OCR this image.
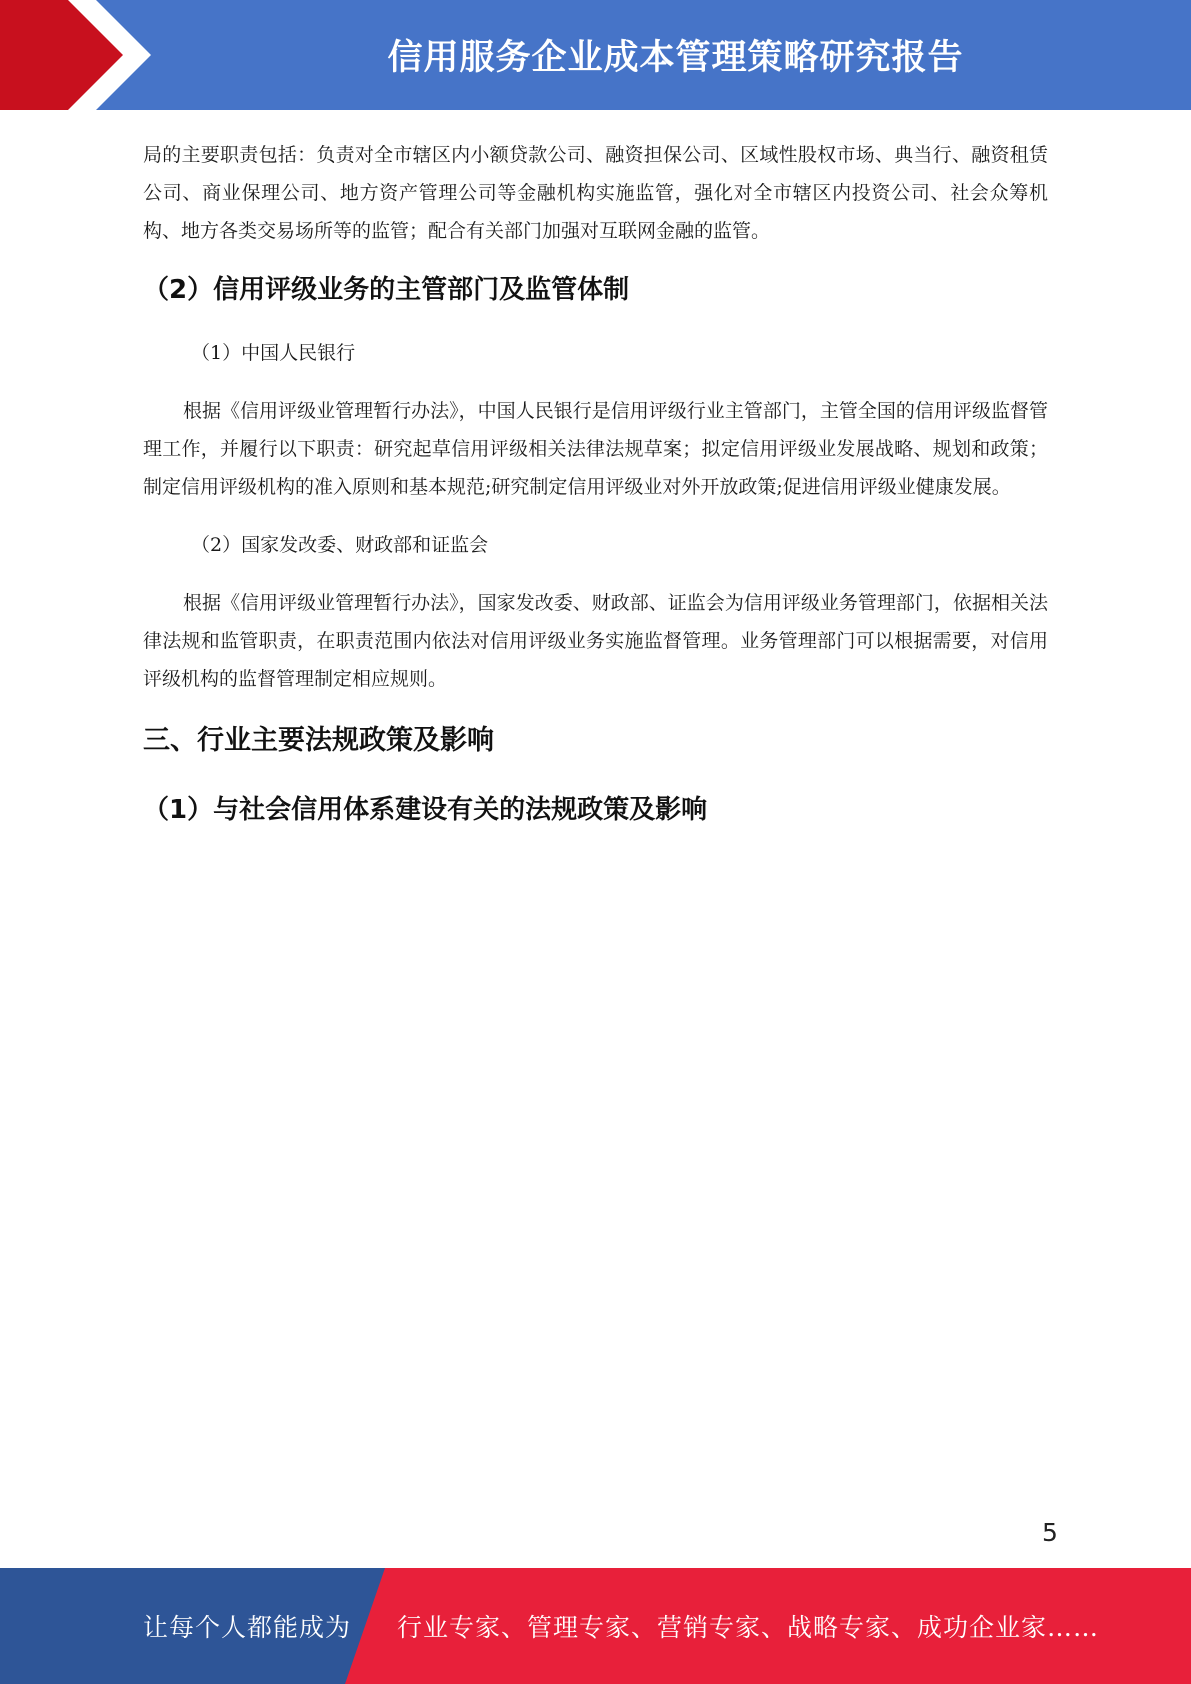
信用服务企业成本管理策略研究报告

局的主要职责包括：负责对全市辖区内小额贷款公司、融资担保公司、区域性股权市场、典当行、融资租赁公司、商业保理公司、地方资产管理公司等金融机构实施监管，强化对全市辖区内投资公司、社会众筹机构、地方各类交易场所等的监管；配合有关部门加强对互联网金融的监管。

（2）信用评级业务的主管部门及监管体制

（1）中国人民银行

根据《信用评级业管理暂行办法》，中国人民银行是信用评级行业主管部门，主管全国的信用评级监督管理工作，并履行以下职责：研究起草信用评级相关法律法规草案；拟定信用评级业发展战略、规划和政策；制定信用评级机构的准入原则和基本规范;研究制定信用评级业对外开放政策;促进信用评级业健康发展。

（2）国家发改委、财政部和证监会

根据《信用评级业管理暂行办法》，国家发改委、财政部、证监会为信用评级业务管理部门，依据相关法律法规和监管职责，在职责范围内依法对信用评级业务实施监督管理。业务管理部门可以根据需要，对信用评级机构的监督管理制定相应规则。

三、行业主要法规政策及影响
（1）与社会信用体系建设有关的法规政策及影响
5
让每个人都能成为 行业专家、管理专家、营销专家、战略专家、成功企业家……
